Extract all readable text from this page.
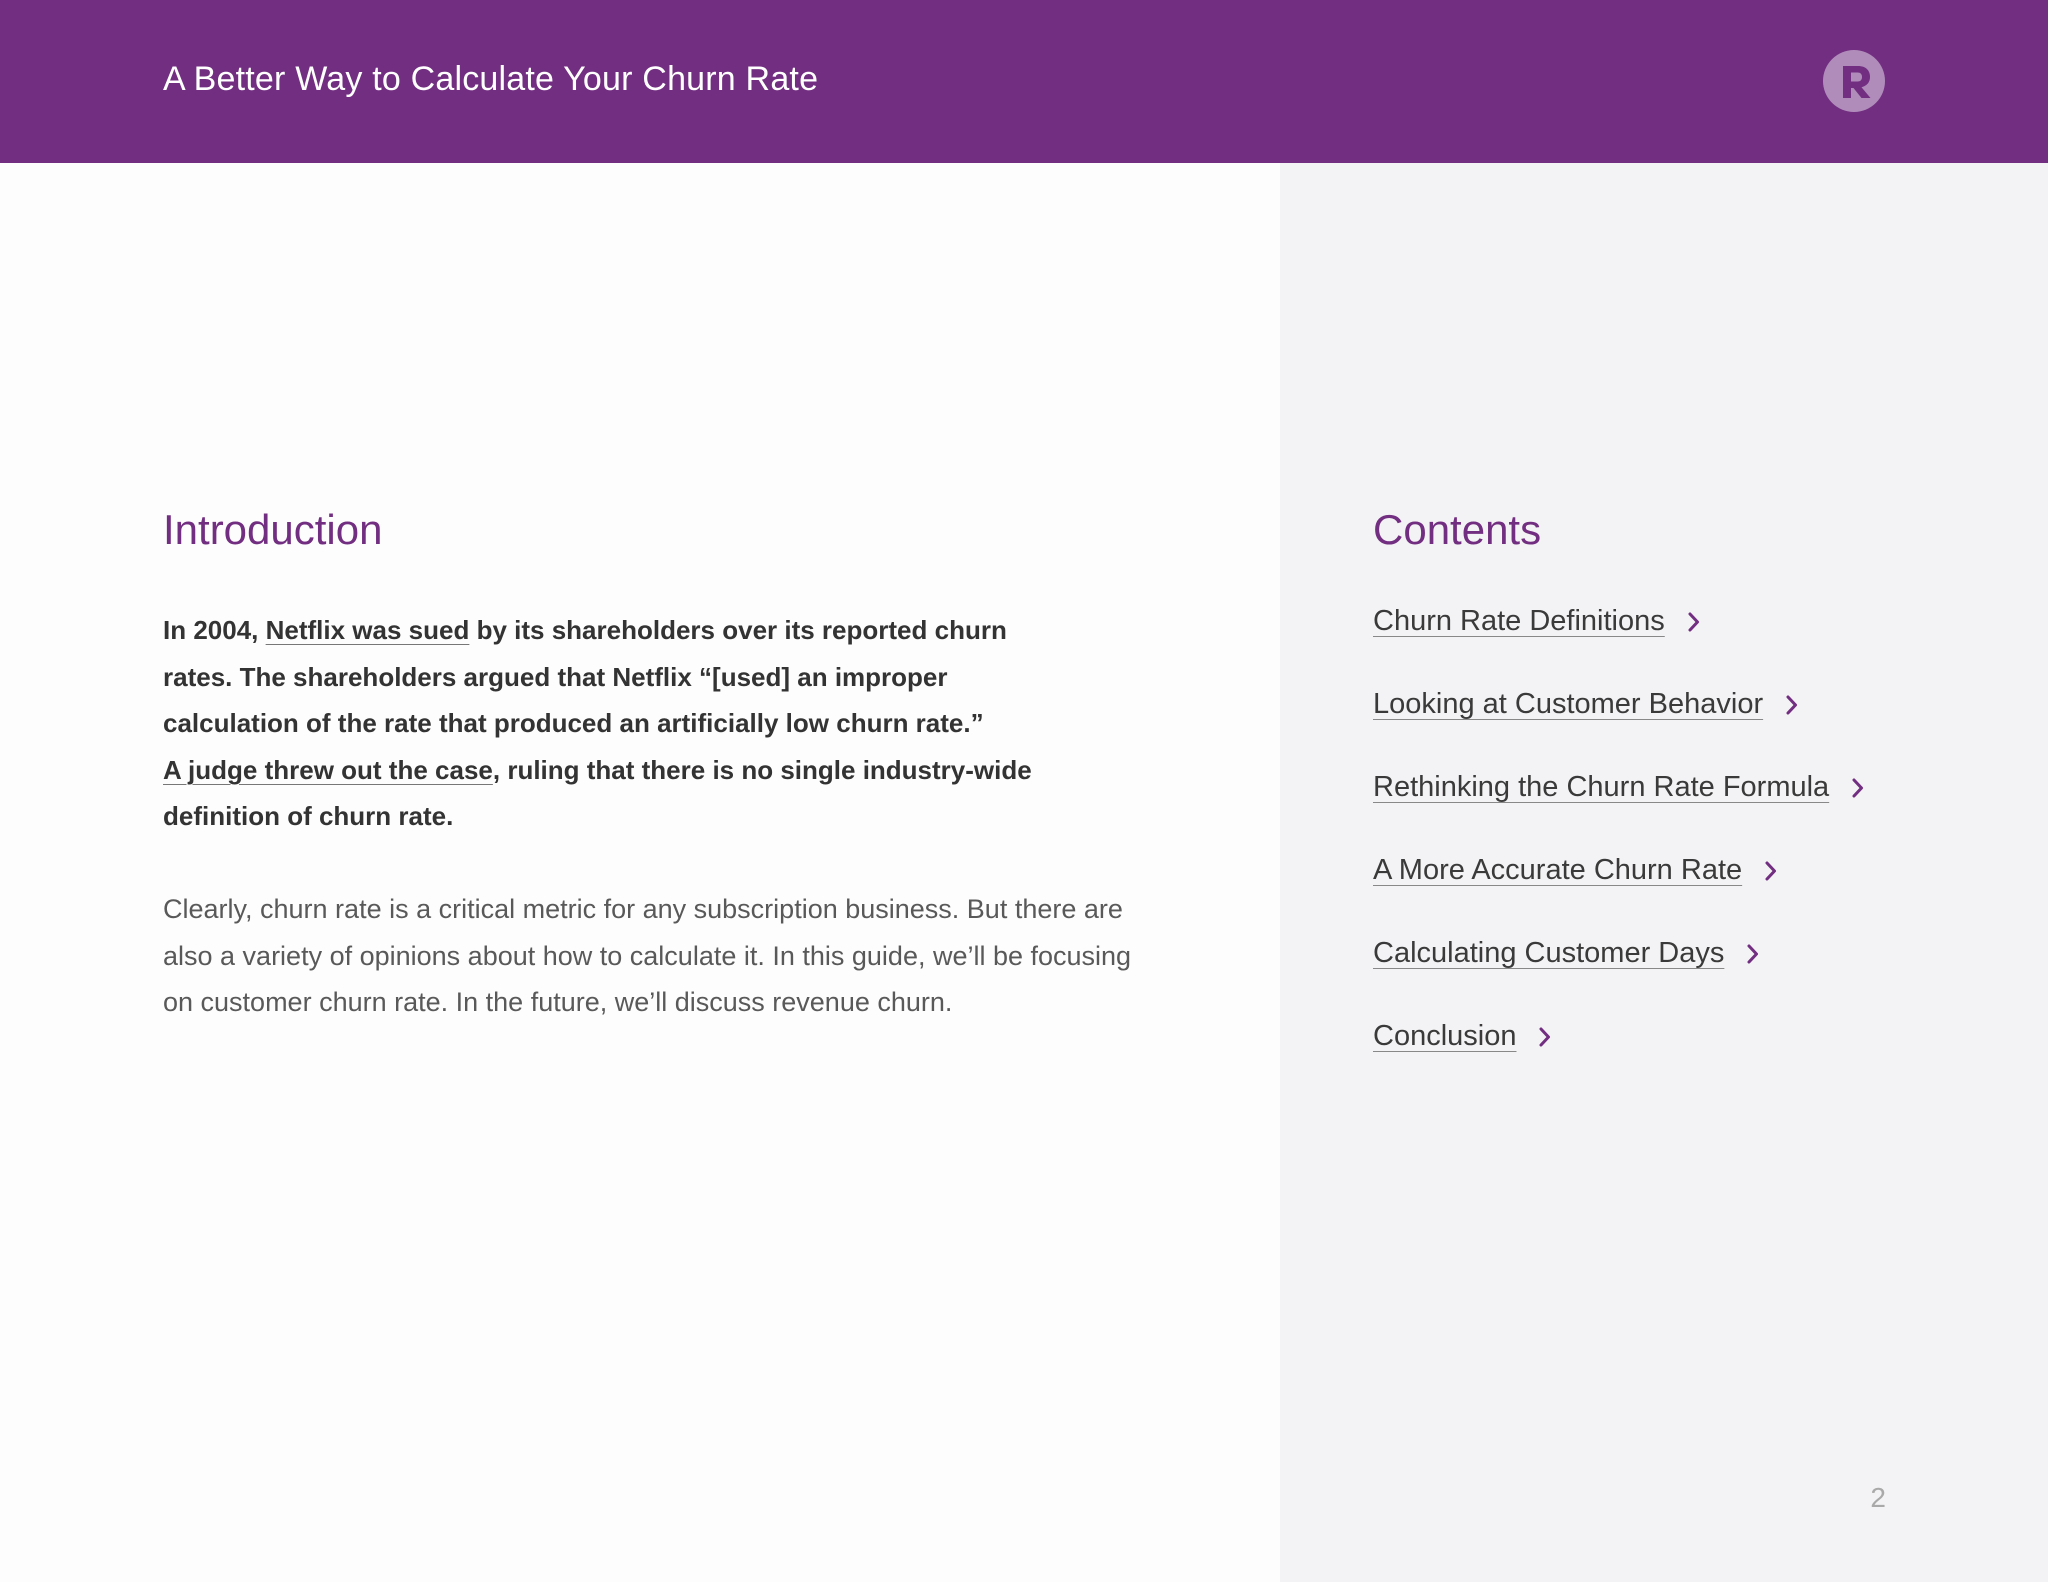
A Better Way to Calculate Your Churn Rate
Introduction

In 2004, Netflix was sued by its shareholders over its reported churn
rates. The shareholders argued that Netflix “[used] an improper
calculation of the rate that produced an artificially low churn rate.”
A judge threw out the case, ruling that there is no single industry-wide
definition of churn rate.

Clearly, churn rate is a critical metric for any subscription business. But there are
also a variety of opinions about how to calculate it. In this guide, we’ll be focusing
on customer churn rate. In the future, we’ll discuss revenue churn.

Contents
Churn Rate Definitions
Looking at Customer Behavior
Rethinking the Churn Rate Formula
A More Accurate Churn Rate
Calculating Customer Days
Conclusion
2
